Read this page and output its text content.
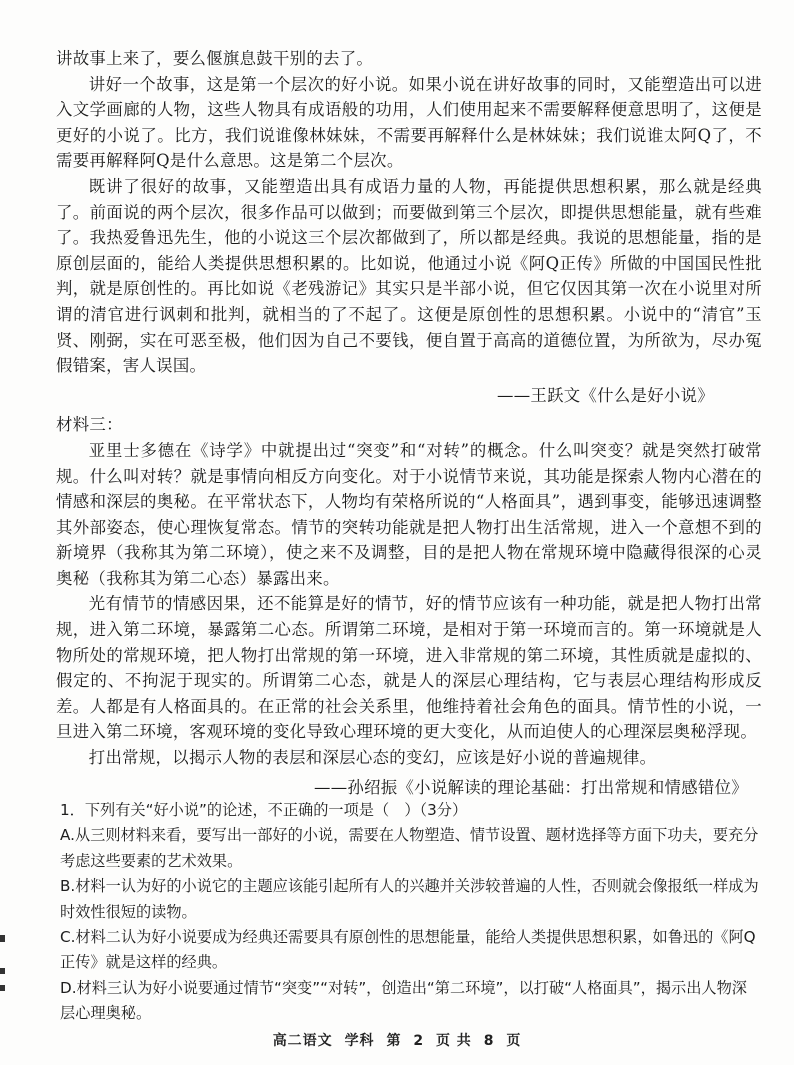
讲故事上来了，要么偃旗息鼓干别的去了。

讲好一个故事，这是第一个层次的好小说。如果小说在讲好故事的同时，又能塑造出可以进入文学画廊的人物，这些人物具有成语般的功用，人们使用起来不需要解释便意思明了，这便是更好的小说了。比方，我们说谁像林妹妹，不需要再解释什么是林妹妹；我们说谁太阿Q了，不需要再解释阿Q是什么意思。这是第二个层次。

既讲了很好的故事，又能塑造出具有成语力量的人物，再能提供思想积累，那么就是经典了。前面说的两个层次，很多作品可以做到；而要做到第三个层次，即提供思想能量，就有些难了。我热爱鲁迅先生，他的小说这三个层次都做到了，所以都是经典。我说的思想能量，指的是原创层面的，能给人类提供思想积累的。比如说，他通过小说《阿Q正传》所做的中国国民性批判，就是原创性的。再比如说《老残游记》其实只是半部小说，但它仅因其第一次在小说里对所谓的清官进行讽刺和批判，就相当的了不起了。这便是原创性的思想积累。小说中的“清官”玉贤、刚弼，实在可恶至极，他们因为自己不要钱，便自置于高高的道德位置，为所欲为，尽办冤假错案，害人误国。

——王跃文《什么是好小说》

材料三：

亚里士多德在《诗学》中就提出过“突变”和“对转”的概念。什么叫突变？就是突然打破常规。什么叫对转？就是事情向相反方向变化。对于小说情节来说，其功能是探索人物内心潜在的情感和深层的奥秘。在平常状态下，人物均有荣格所说的“人格面具”，遇到事变，能够迅速调整其外部姿态，使心理恢复常态。情节的突转功能就是把人物打出生活常规，进入一个意想不到的新境界（我称其为第二环境），使之来不及调整，目的是把人物在常规环境中隐藏得很深的心灵奥秘（我称其为第二心态）暴露出来。

光有情节的情感因果，还不能算是好的情节，好的情节应该有一种功能，就是把人物打出常规，进入第二环境，暴露第二心态。所谓第二环境，是相对于第一环境而言的。第一环境就是人物所处的常规环境，把人物打出常规的第一环境，进入非常规的第二环境，其性质就是虚拟的、假定的、不拘泥于现实的。所谓第二心态，就是人的深层心理结构，它与表层心理结构形成反差。人都是有人格面具的。在正常的社会关系里，他维持着社会角色的面具。情节性的小说，一旦进入第二环境，客观环境的变化导致心理环境的更大变化，从而迫使人的心理深层奥秘浮现。

打出常规，以揭示人物的表层和深层心态的变幻，应该是好小说的普遍规律。

——孙绍振《小说解读的理论基础：打出常规和情感错位》

1．下列有关“好小说”的论述，不正确的一项是（　）（3分）

A.从三则材料来看，要写出一部好的小说，需要在人物塑造、情节设置、题材选择等方面下功夫，要充分考虑这些要素的艺术效果。

B.材料一认为好的小说它的主题应该能引起所有人的兴趣并关涉较普遍的人性，否则就会像报纸一样成为时效性很短的读物。

C.材料二认为好小说要成为经典还需要具有原创性的思想能量，能给人类提供思想积累，如鲁迅的《阿Q正传》就是这样的经典。

D.材料三认为好小说要通过情节“突变”“对转”，创造出“第二环境”，以打破“人格面具”，揭示出人物深层心理奥秘。

高二语文 学科 第 2 页 共 8 页
